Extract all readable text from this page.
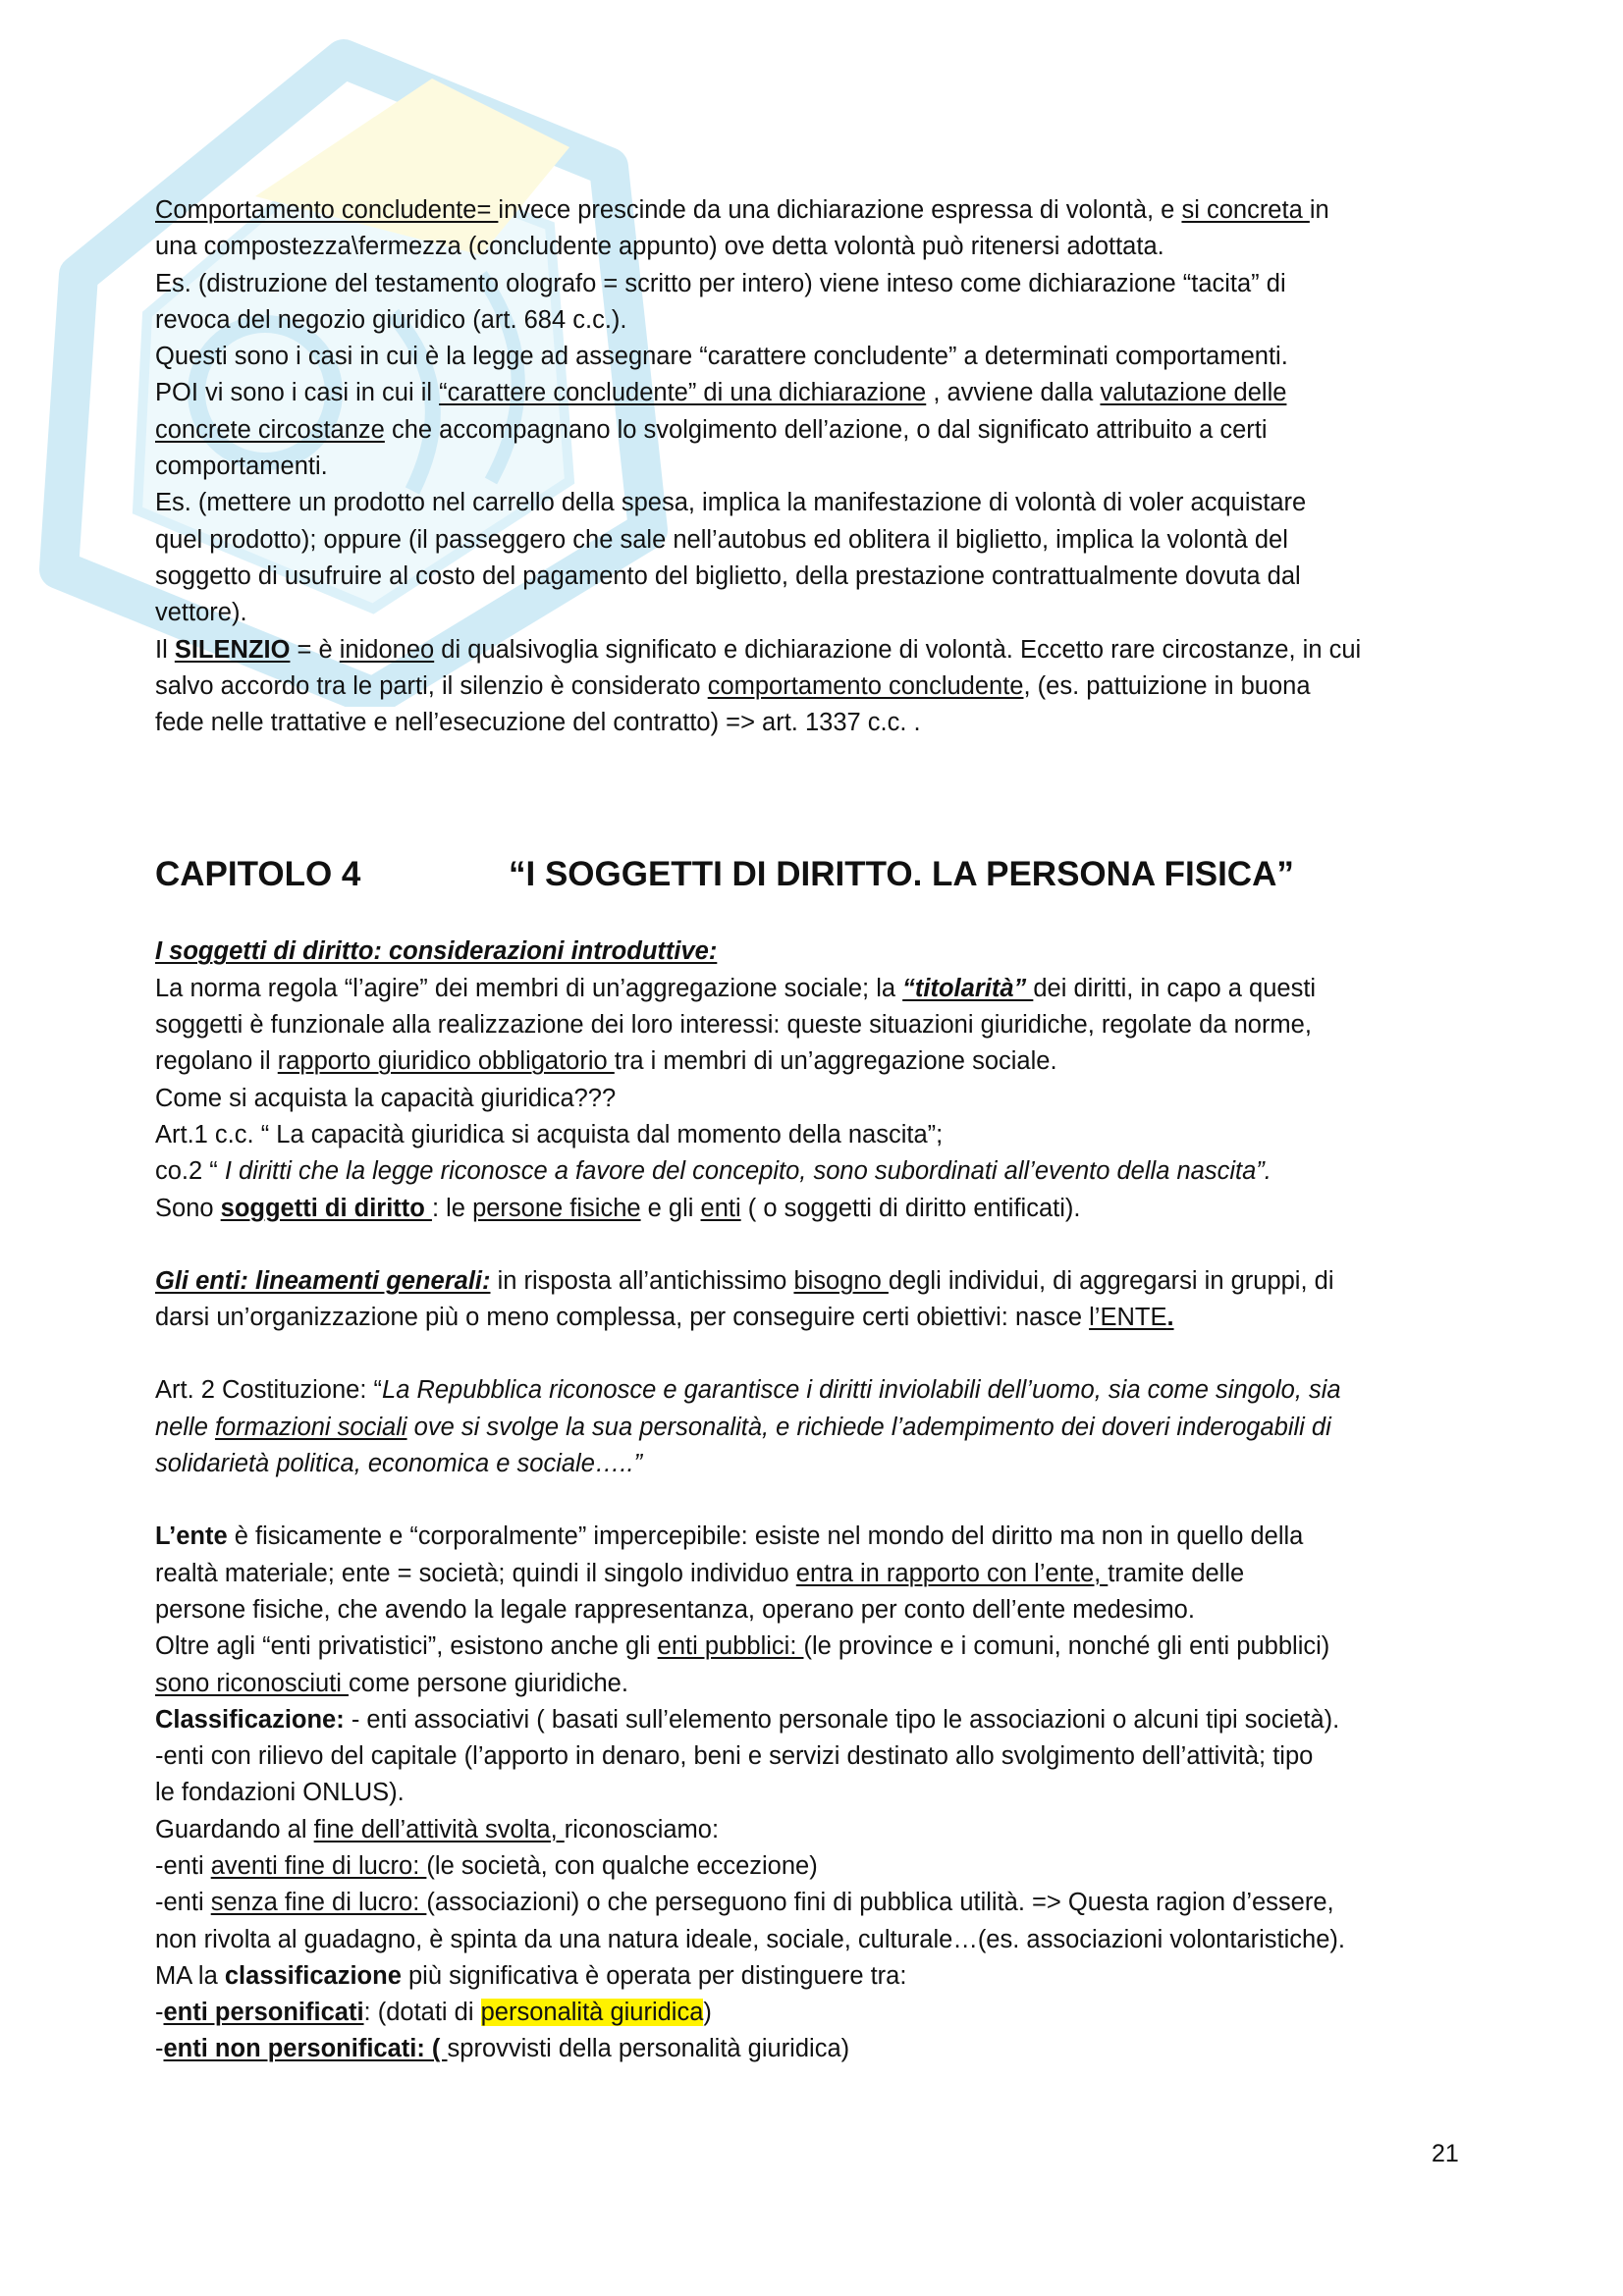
Comportamento concludente= invece prescinde da una dichiarazione espressa di volontà, e si concreta in

una compostezza\fermezza (concludente appunto) ove detta volontà può ritenersi adottata.

Es. (distruzione del testamento olografo = scritto per intero) viene inteso come dichiarazione “tacita” di

revoca del negozio giuridico (art. 684 c.c.).

Questi sono i casi in cui è la legge ad assegnare “carattere concludente” a determinati comportamenti.

POI vi sono i casi in cui il “carattere concludente” di una dichiarazione , avviene dalla valutazione delle

concrete circostanze che accompagnano lo svolgimento dell’azione, o dal significato attribuito a certi

comportamenti.

Es. (mettere un prodotto nel carrello della spesa, implica la manifestazione di volontà di voler acquistare

quel prodotto); oppure (il passeggero che sale nell’autobus ed oblitera il biglietto, implica la volontà del

soggetto di usufruire al costo del pagamento del biglietto, della prestazione contrattualmente dovuta dal

vettore).

Il SILENZIO = è inidoneo di qualsivoglia significato e dichiarazione di volontà. Eccetto rare circostanze, in cui

salvo accordo tra le parti, il silenzio è considerato comportamento concludente, (es. pattuizione in buona

fede nelle trattative e nell’esecuzione del contratto) => art. 1337 c.c. .

CAPITOLO 4	“I SOGGETTI DI DIRITTO. LA PERSONA FISICA”

I soggetti di diritto: considerazioni introduttive:

La norma regola “l’agire” dei membri di un’aggregazione sociale; la “titolarità” dei diritti, in capo a questi

soggetti è funzionale alla realizzazione dei loro interessi: queste situazioni giuridiche, regolate da norme,

regolano il rapporto giuridico obbligatorio tra i membri di un’aggregazione sociale.

Come si acquista la capacità giuridica???

Art.1 c.c. “ La capacità giuridica si acquista dal momento della nascita”;

co.2 “ I diritti che la legge riconosce a favore del concepito, sono subordinati all’evento della nascita”.

Sono soggetti di diritto : le persone fisiche e gli enti ( o soggetti di diritto entificati).

Gli enti: lineamenti generali: in risposta all’antichissimo bisogno degli individui, di aggregarsi in gruppi, di

darsi un’organizzazione più o meno complessa, per conseguire certi obiettivi: nasce l’ENTE.

Art. 2 Costituzione: “La Repubblica riconosce e garantisce i diritti inviolabili dell’uomo, sia come singolo, sia

nelle formazioni sociali ove si svolge la sua personalità, e richiede l’adempimento dei doveri inderogabili di

solidarietà politica, economica e sociale…..”

L’ente è fisicamente e “corporalmente” impercepibile: esiste nel mondo del diritto ma non in quello della

realtà materiale; ente = società; quindi il singolo individuo entra in rapporto con l’ente, tramite delle

persone fisiche, che avendo la legale rappresentanza, operano per conto dell’ente medesimo.

Oltre agli “enti privatistici”, esistono anche gli enti pubblici: (le province e i comuni, nonché gli enti pubblici)

sono riconosciuti come persone giuridiche.

Classificazione: - enti associativi ( basati sull’elemento personale tipo le associazioni o alcuni tipi società).

-enti con rilievo del capitale (l’apporto in denaro, beni e servizi destinato allo svolgimento dell’attività; tipo

le fondazioni ONLUS).

Guardando al fine dell’attività svolta, riconosciamo:

-enti aventi fine di lucro: (le società, con qualche eccezione)

-enti senza fine di lucro: (associazioni) o che perseguono fini di pubblica utilità. => Questa ragion d’essere,

non rivolta al guadagno, è spinta da una natura ideale, sociale, culturale…(es. associazioni volontaristiche).

MA la classificazione più significativa è operata per distinguere tra:

-enti personificati: (dotati di personalità giuridica)

-enti non personificati: ( sprovvisti della personalità giuridica)

21
